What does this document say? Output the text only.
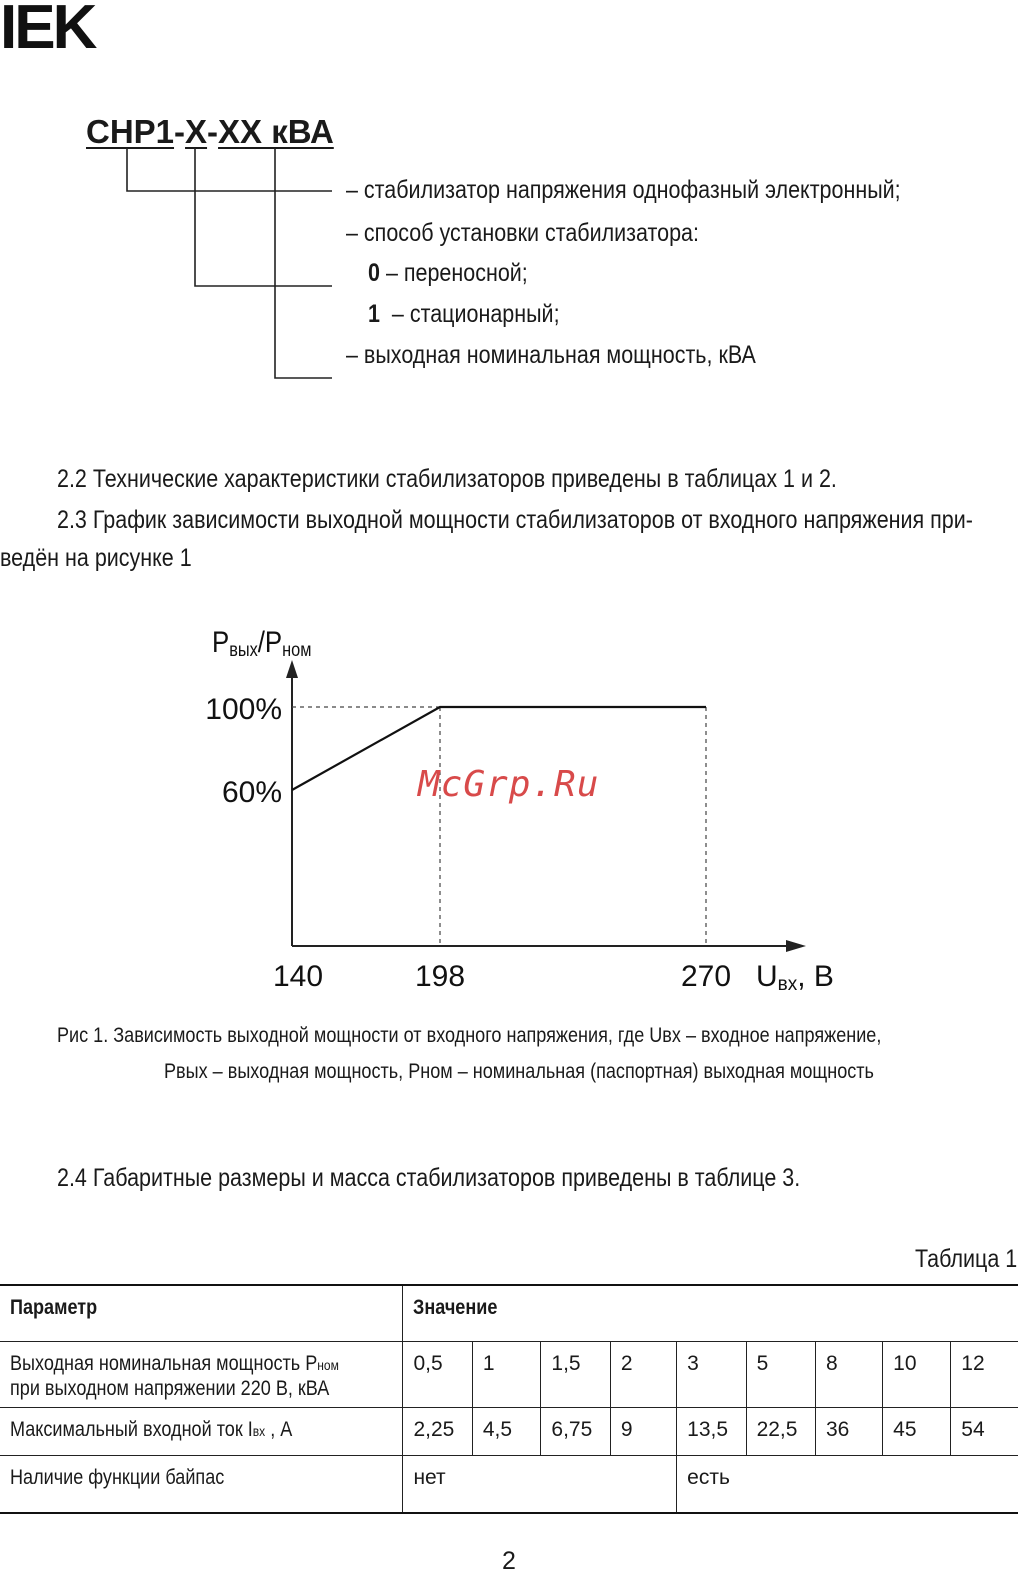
IEK
СНР1-Х-ХХ кВА
– стабилизатор напряжения однофазный электронный;
– способ установки стабилизатора:
0 – переносной;
1 – стационарный;
– выходная номинальная мощность, кВА
2.2 Технические характеристики стабилизаторов приведены в таблицах 1 и 2.
2.3 График зависимости выходной мощности стабилизаторов от входного напряжения при-
ведён на рисунке 1
Pвых/Pном
60%
100%
140	198	270 Uвх, В
McGrp.Ru
Рис 1. Зависимость выходной мощности от входного напряжения, где Uвх – входное напряжение,
Pвых – выходная мощность, Pном – номинальная (паспортная) выходная мощность
2.4 Габаритные размеры и масса стабилизаторов приведены в таблице 3.
Таблица 1
Параметр	Значение								
Выходная номинальная мощность Pном
при выходном напряжении 220 В, кВА	0,5	1	1,5	2	3	5	8	10	12
Максимальный входной ток Iвх , А	2,25	4,5	6,75	9	13,5	22,5	36	45	54
Наличие функции байпас	нет				есть				
2
